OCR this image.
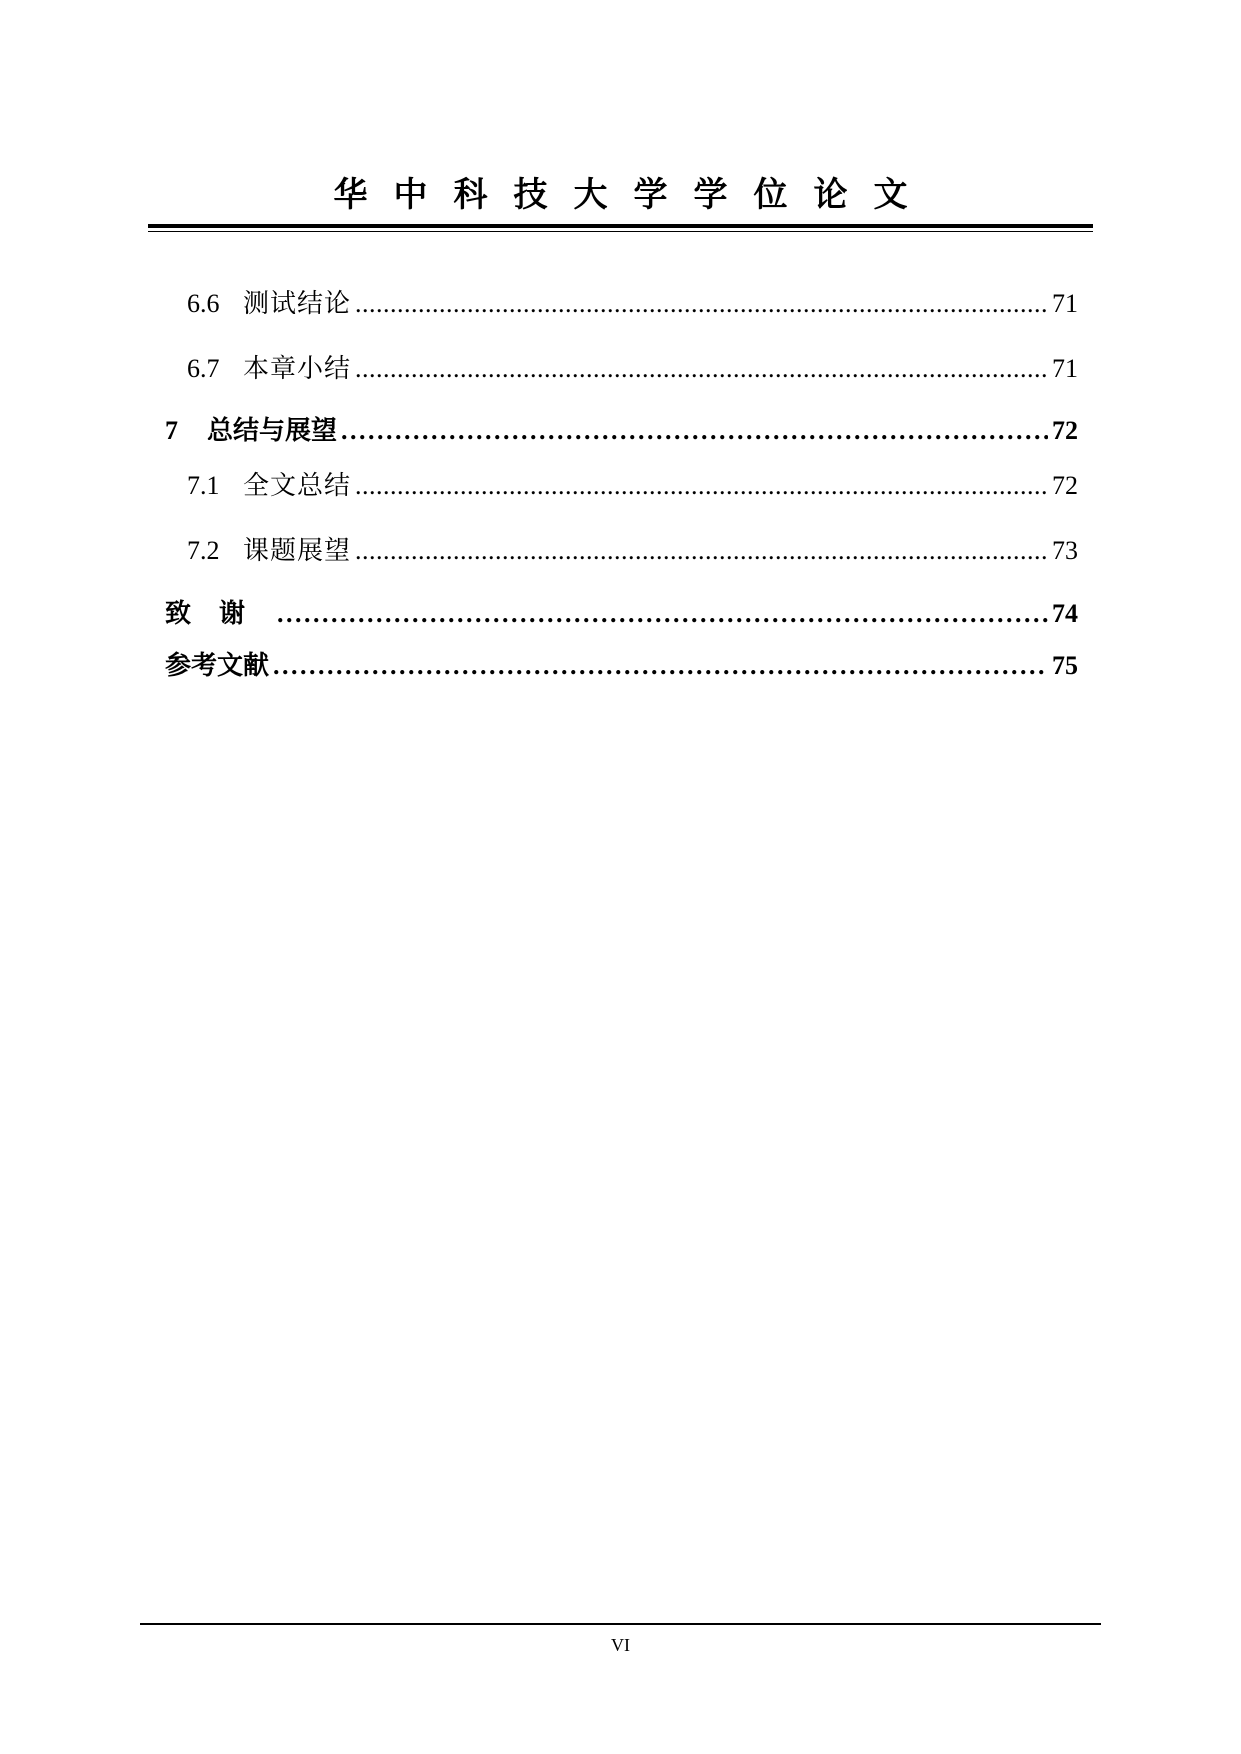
华中科技大学学位论文
6.6 测试结论 . . .	71
6.7 本章小结 . . .	71
7	总结与展望 . . .	72
7.1 全文总结 . . .	72
7.2 课题展望 . . .	73
致谢 . . .	74
参考文献 . . .	75
VI
